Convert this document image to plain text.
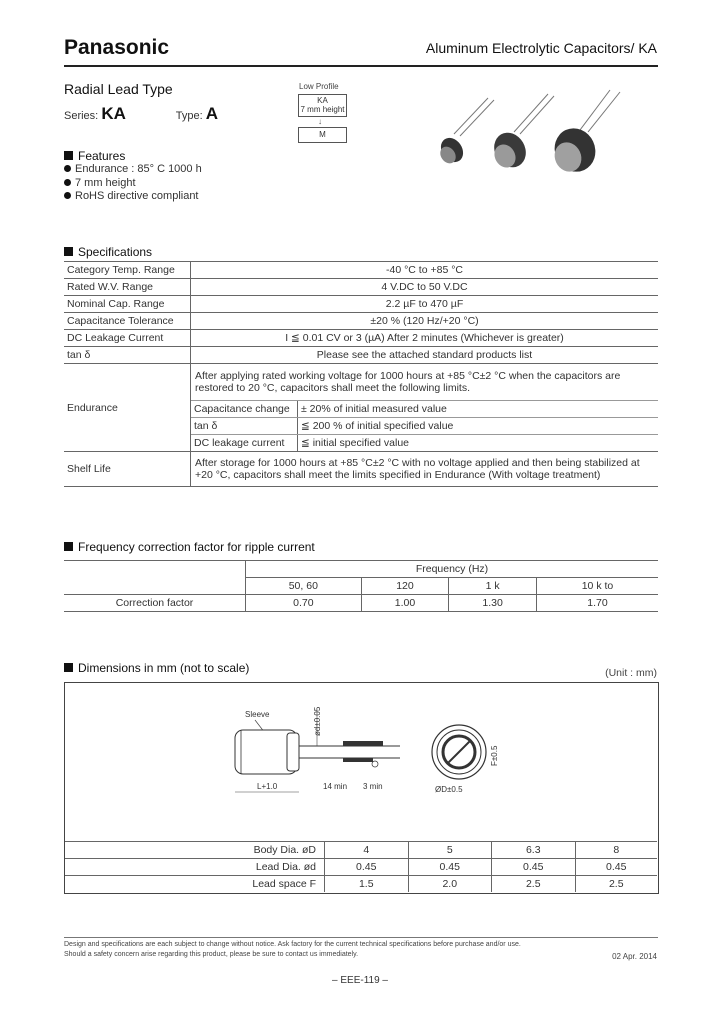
Panasonic	Aluminum Electrolytic Capacitors/ KA
Radial Lead Type
Series: KA	Type: A
Low Profile
KA
7 mm height
↓
M
Features
Endurance : 85° C 1000 h
7 mm height
RoHS directive compliant
Specifications
Category Temp. Range	-40 °C to +85 °C	
Rated W.V. Range	4 V.DC to 50 V.DC	
Nominal Cap. Range	2.2 µF to 470 µF	
Capacitance Tolerance	±20 % (120 Hz/+20 °C)	
DC Leakage Current	I ≦ 0.01 CV or 3 (µA) After 2 minutes (Whichever is greater)	
tan δ	Please see the attached standard products list	
Endurance	After applying rated working voltage for 1000 hours at +85 °C±2 °C when the capacitors are restored to 20 °C, capacitors shall meet the following limits.	
	Capacitance change	± 20% of initial measured value
	tan δ	≦ 200 % of initial specified value
	DC leakage current	≦ initial specified value
Shelf Life	After storage for 1000 hours at +85 °C±2 °C with no voltage applied and then being stabilized at +20 °C, capacitors shall meet the limits specified in Endurance (With voltage treatment)	
Frequency correction factor for ripple current
	Frequency (Hz)			
	50, 60	120	1 k	10 k to
Correction factor	0.70	1.00	1.30	1.70
Dimensions in mm (not to scale)	(Unit : mm)
Sleeve	ød±0.05
L+1.0	14 min 3 min	ØD±0.5
F±0.5
Body Dia. øD	4	5	6.3	8
Lead Dia. ød	0.45	0.45	0.45	0.45
Lead space F	1.5	2.0	2.5	2.5
Design and specifications are each subject to change without notice. Ask factory for the current technical specifications before purchase and/or use.
Should a safety concern arise regarding this product, please be sure to contact us immediately.	02 Apr. 2014
– EEE-119 –
